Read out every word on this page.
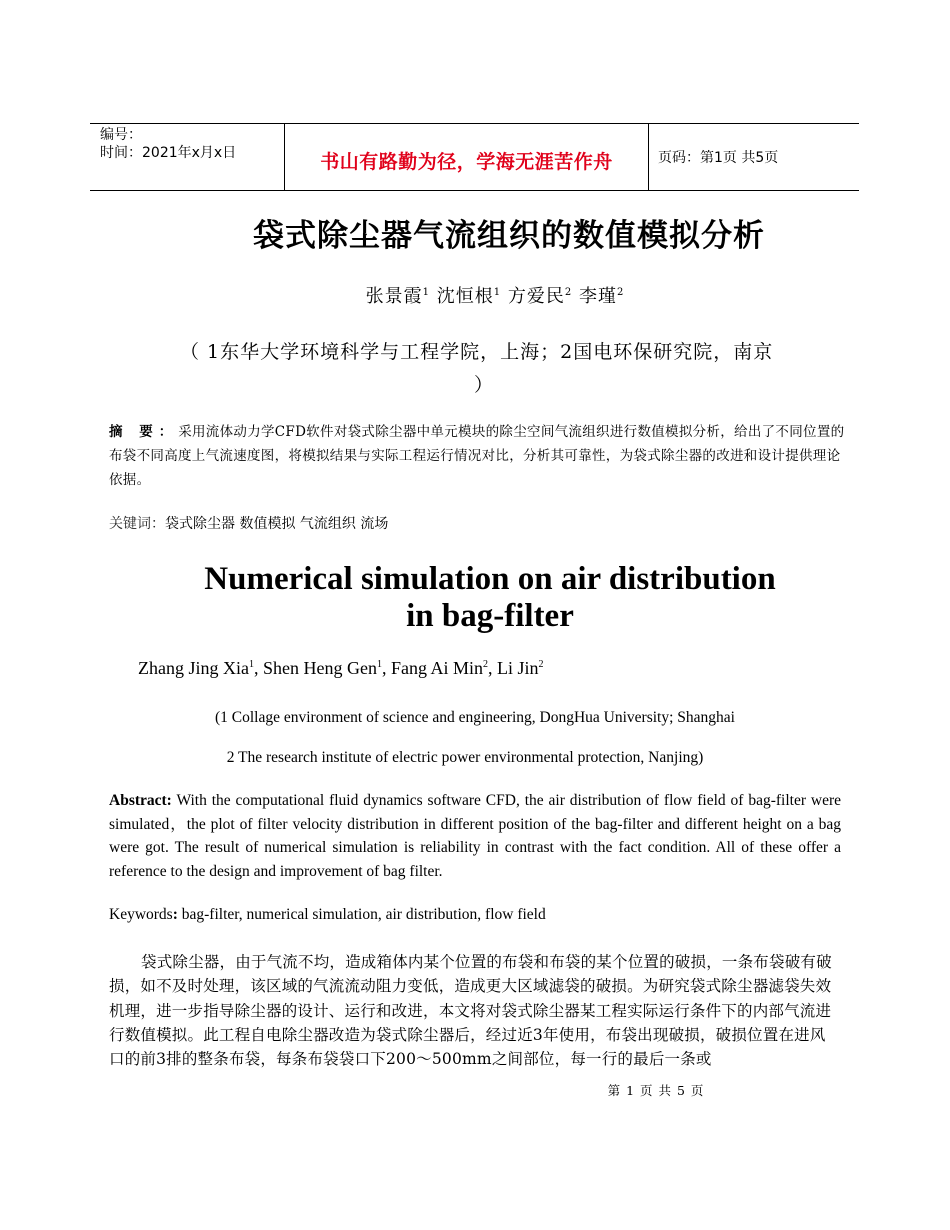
编号：
时间：2021年x月x日	书山有路勤为径，学海无涯苦作舟	页码：第1页 共5页
袋式除尘器气流组织的数值模拟分析
张景霞$^1$ 沈恒根$^1$ 方爱民$^2$ 李瑾$^2$
（ 1东华大学环境科学与工程学院，上海；2国电环保研究院，南京
）
摘 要：采用流体动力学CFD软件对袋式除尘器中单元模块的除尘空间气流组织进行数值模拟分析，给出了不同位置的布袋不同高度上气流速度图，将模拟结果与实际工程运行情况对比，分析其可靠性，为袋式除尘器的改进和设计提供理论依据。
关键词：袋式除尘器 数值模拟 气流组织 流场
Numerical simulation on air distribution
in bag-filter
Zhang Jing Xia$^1$, Shen Heng Gen$^1$, Fang Ai Min$^2$, Li Jin$^2$
(1 Collage environment of science and engineering, DongHua University; Shanghai
2 The research institute of electric power environmental protection, Nanjing)
Abstract: With the computational fluid dynamics software CFD, the air distribution of flow field of bag-filter were simulated，the plot of filter velocity distribution in different position of the bag-filter and different height on a bag were got. The result of numerical simulation is reliability in contrast with the fact condition. All of these offer a reference to the design and improvement of bag filter.
Keywords: bag-filter, numerical simulation, air distribution, flow field
袋式除尘器，由于气流不均，造成箱体内某个位置的布袋和布袋的某个位置的破损，一条布袋破有破损，如不及时处理，该区域的气流流动阻力变低，造成更大区域滤袋的破损。为研究袋式除尘器滤袋失效机理，进一步指导除尘器的设计、运行和改进，本文将对袋式除尘器某工程实际运行条件下的内部气流进行数值模拟。此工程自电除尘器改造为袋式除尘器后，经过近3年使用，布袋出现破损，破损位置在进风口的前3排的整条布袋，每条布袋袋口下200～500mm之间部位，每一行的最后一条或
第 1 页 共 5 页
